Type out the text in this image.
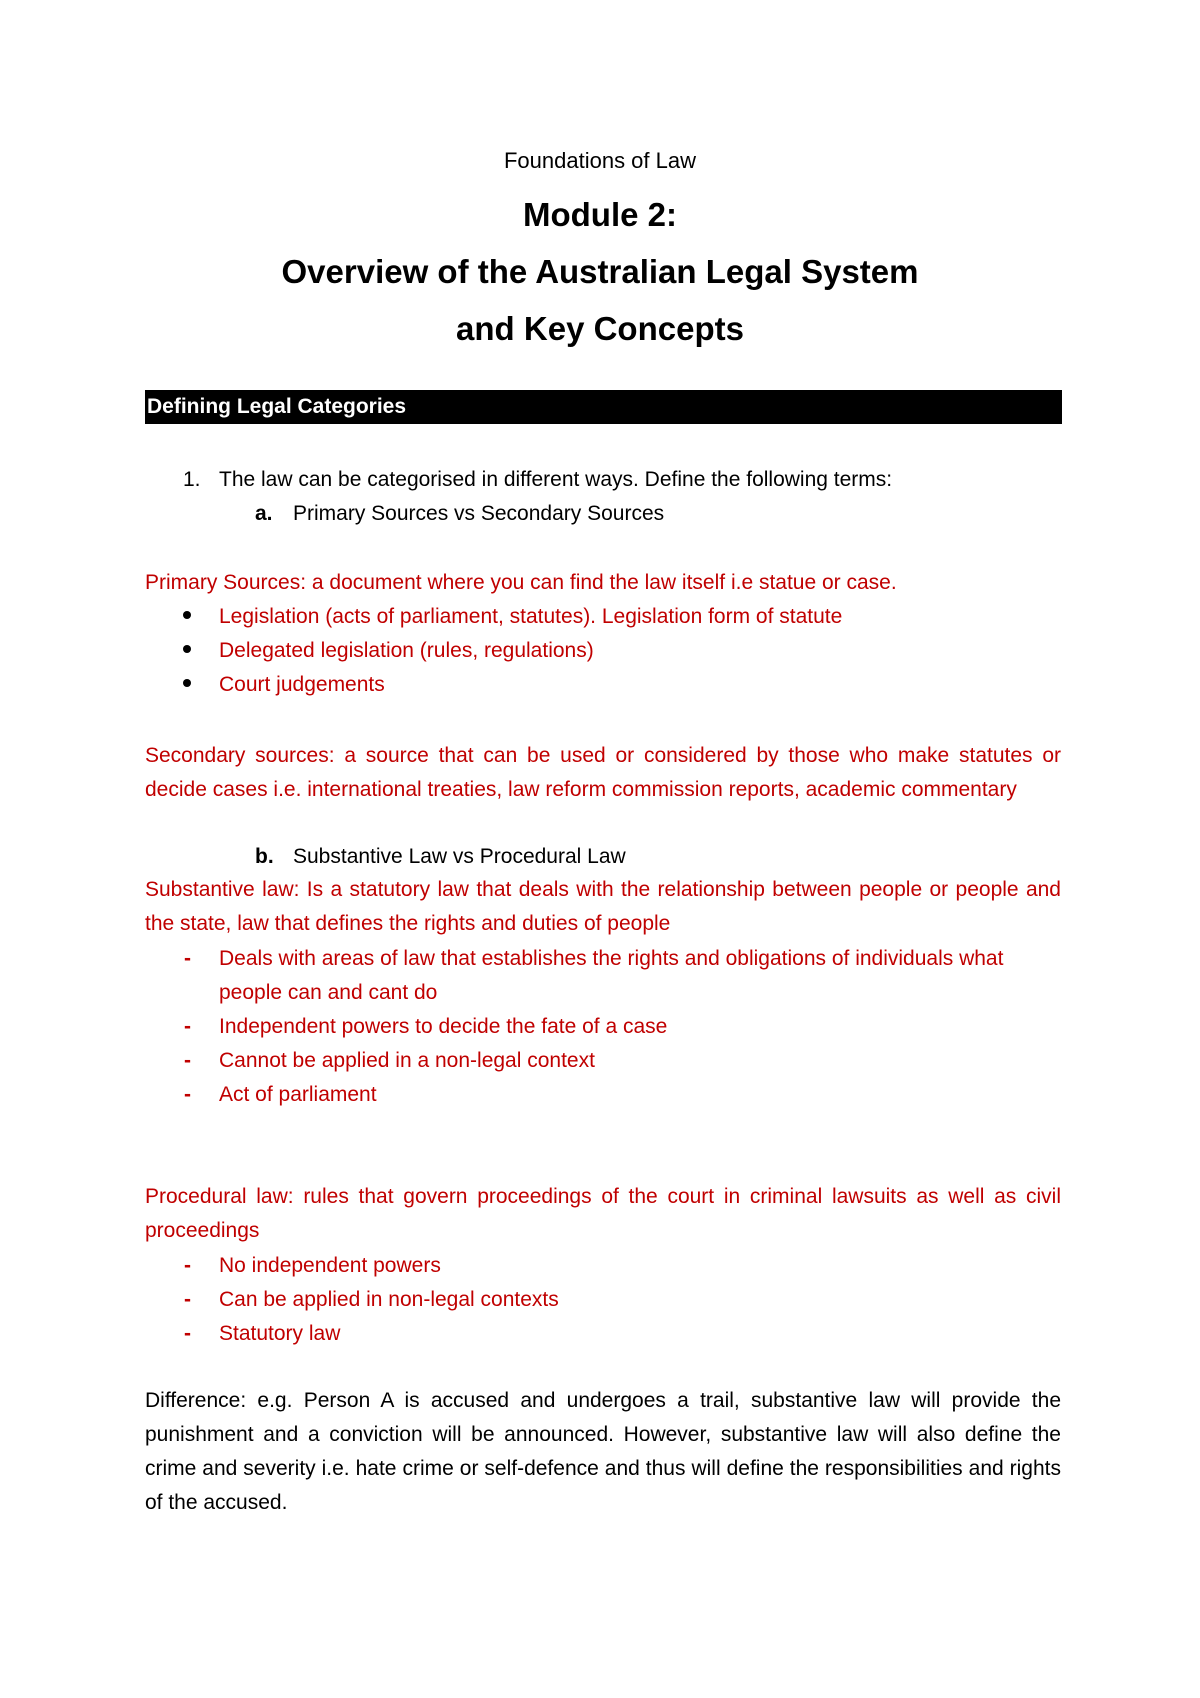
Foundations of Law
Module 2:
Overview of the Australian Legal System
and Key Concepts
Defining Legal Categories
1. The law can be categorised in different ways. Define the following terms:
a. Primary Sources vs Secondary Sources
Primary Sources: a document where you can find the law itself i.e statue or case.
Legislation (acts of parliament, statutes). Legislation form of statute
Delegated legislation (rules, regulations)
Court judgements
Secondary sources: a source that can be used or considered by those who make statutes or decide cases i.e. international treaties, law reform commission reports, academic commentary
b. Substantive Law vs Procedural Law
Substantive law: Is a statutory law that deals with the relationship between people or people and the state, law that defines the rights and duties of people
- Deals with areas of law that establishes the rights and obligations of individuals what
people can and cant do
- Independent powers to decide the fate of a case
- Cannot be applied in a non-legal context
- Act of parliament
Procedural law: rules that govern proceedings of the court in criminal lawsuits as well as civil proceedings
- No independent powers
- Can be applied in non-legal contexts
- Statutory law
Difference: e.g. Person A is accused and undergoes a trail, substantive law will provide the punishment and a conviction will be announced. However, substantive law will also define the crime and severity i.e. hate crime or self-defence and thus will define the responsibilities and rights of the accused.
